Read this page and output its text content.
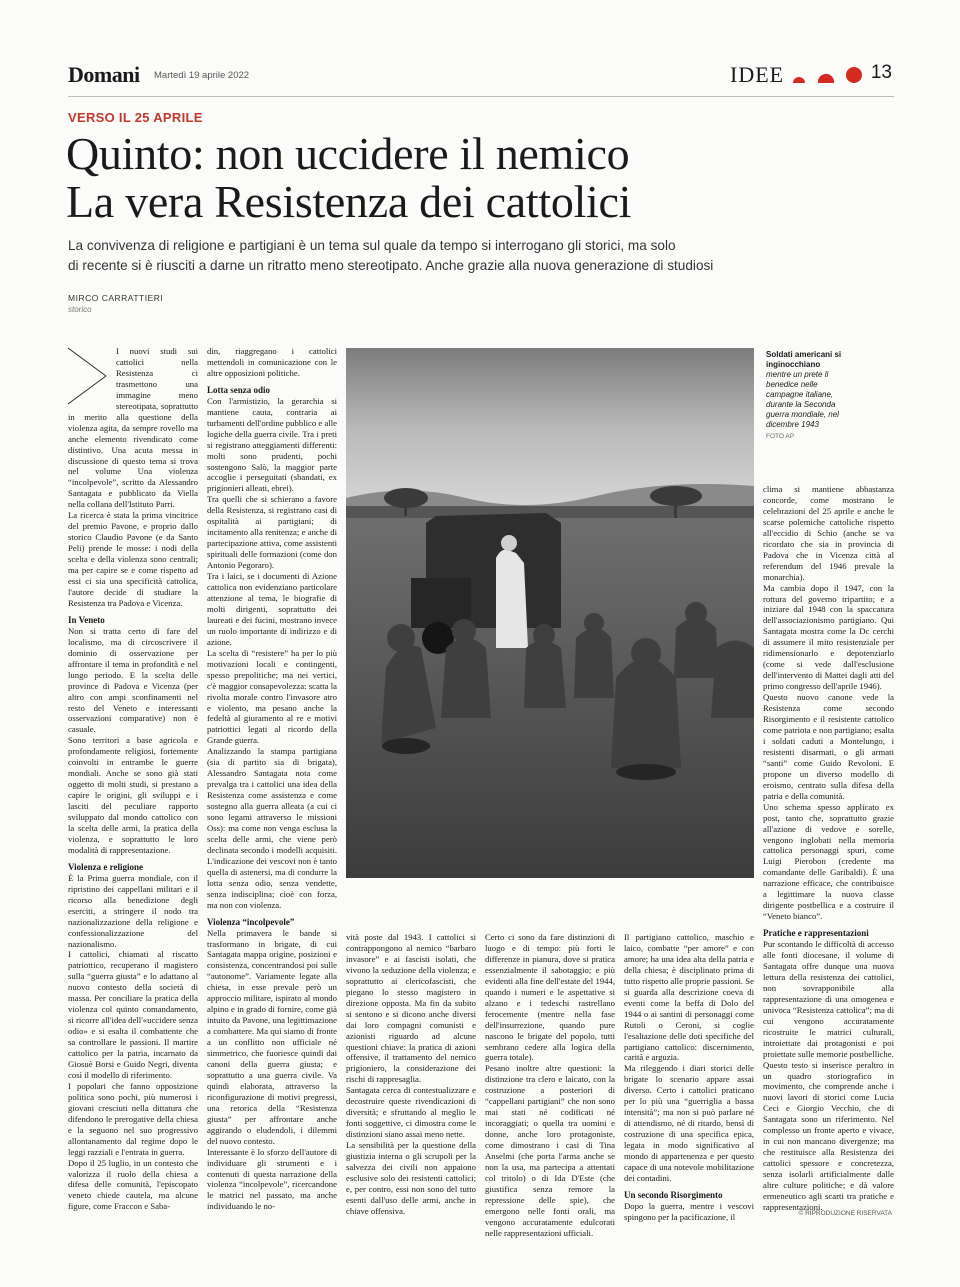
Domani Martedì 19 aprile 2022	IDEE	13
VERSO IL 25 APRILE
Quinto: non uccidere il nemico
La vera Resistenza dei cattolici
La convivenza di religione e partigiani è un tema sul quale da tempo si interrogano gli storici, ma solo
di recente si è riusciti a darne un ritratto meno stereotipato. Anche grazie alla nuova generazione di studiosi
MIRCO CARRATTIERI
storico

I nuovi studi sui cattolici nella Resistenza ci trasmettono una immagine meno stereotipata, soprattutto in merito alla questione della violenza agita, da sempre rovello ma anche elemento rivendicato come distintivo. Una acuta messa in discussione di questo tema si trova nel volume Una violenza “incolpevole”, scritto da Alessandro Santagata e pubblicato da Viella nella collana dell'Istituto Parri.

La ricerca è stata la prima vincitrice del premio Pavone, e proprio dallo storico Claudio Pavone (e da Santo Peli) prende le mosse: i nodi della scelta e della violenza sono centrali; ma per capire se e come rispetto ad essi ci sia una specificità cattolica, l'autore decide di studiare la Resistenza tra Padova e Vicenza.

In Veneto

Non si tratta certo di fare del localismo, ma di circoscrivere il dominio di osservazione per affrontare il tema in profondità e nel lungo periodo. E la scelta delle province di Padova e Vicenza (per altro con ampi sconfinamenti nel resto del Veneto e interessanti osservazioni comparative) non è casuale.

Sono territori a base agricola e profondamente religiosi, fortemente coinvolti in entrambe le guerre mondiali. Anche se sono già stati oggetto di molti studi, si prestano a capire le origini, gli sviluppi e i lasciti del peculiare rapporto sviluppato dal mondo cattolico con la scelta delle armi, la pratica della violenza, e soprattutto le loro modalità di rappresentazione.

Violenza e religione

È la Prima guerra mondiale, con il ripristino dei cappellani militari e il ricorso alla benedizione degli eserciti, a stringere il nodo tra nazionalizzazione della religione e confessionalizzazione del nazionalismo.

I cattolici, chiamati al riscatto patriottico, recuperano il magistero sulla “guerra giusta” e lo adattano al nuovo contesto della società di massa. Per conciliare la pratica della violenza col quinto comandamento, si ricorre all'idea dell'«uccidere senza odio» e si esalta il combattente che sa controllare le passioni. Il martire cattolico per la patria, incarnato da Giosuè Borsi e Guido Negri, diventa così il modello di riferimento.

I popolari che fanno opposizione politica sono pochi, più numerosi i giovani cresciuti nella dittatura che difendono le prerogative della chiesa e la seguono nel suo progressivo allontanamento dal regime dopo le leggi razziali e l'entrata in guerra.

Dopo il 25 luglio, in un contesto che valorizza il ruolo della chiesa a difesa delle comunità, l'episcopato veneto chiede cautela, ma alcune figure, come Fraccon e Saba-

din, riaggregano i cattolici mettendoli in comunicazione con le altre opposizioni politiche.

Lotta senza odio

Con l'armistizio, la gerarchia si mantiene cauta, contraria ai turbamenti dell'ordine pubblico e alle logiche della guerra civile. Tra i preti si registrano atteggiamenti differenti: molti sono prudenti, pochi sostengono Salò, la maggior parte accoglie i perseguitati (sbandati, ex prigionieri alleati, ebrei).

Tra quelli che si schierano a favore della Resistenza, si registrano casi di ospitalità ai partigiani; di incitamento alla renitenza; e anche di partecipazione attiva, come assistenti spirituali delle formazioni (come don Antonio Pegoraro).

Tra i laici, se i documenti di Azione cattolica non evidenziano particolare attenzione al tema, le biografie di molti dirigenti, soprattutto dei laureati e dei fucini, mostrano invece un ruolo importante di indirizzo e di azione.

La scelta di “resistere” ha per lo più motivazioni locali e contingenti, spesso prepolitiche; ma nei vertici, c'è maggior consapevolezza: scatta la rivolta morale contro l'invasore atro e violento, ma pesano anche la fedeltà al giuramento al re e motivi patriottici legati al ricordo della Grande guerra.

Analizzando la stampa partigiana (sia di partito sia di brigata), Alessandro Santagata nota come prevalga tra i cattolici una idea della Resistenza come assistenza e come sostegno alla guerra alleata (a cui ci sono legami attraverso le missioni Oss): ma come non venga esclusa la scelta delle armi, che viene però declinata secondo i modelli acquisiti. L'indicazione dei vescovi non è tanto quella di astenersi, ma di condurre la lotta senza odio, senza vendette, senza indisciplina; cioè con forza, ma non con violenza.

Violenza “incolpevole”

Nella primavera le bande si trasformano in brigate, di cui Santagata mappa origine, posizioni e consistenza, concentrandosi poi sulle “autonome”. Variamente legate alla chiesa, in esse prevale però un approccio militare, ispirato al mondo alpino e in grado di fornire, come già intuito da Pavone, una legittimazione a combattere. Ma qui siamo di fronte a un conflitto non ufficiale né simmetrico, che fuoriesce quindi dai canoni della guerra giusta; e soprattutto a una guerra civile. Va quindi elaborata, attraverso la riconfigurazione di motivi pregressi, una retorica della “Resistenza giusta” per affrontare anche aggirando o eludendoli, i dilemmi del nuovo contesto.

Interessante è lo sforzo dell'autore di individuare gli strumenti e i contenuti di questa narrazione della violenza “incolpevole”, ricercandone le matrici nel passato, ma anche individuando le no-

Soldati americani si inginocchiano
mentre un prete li benedice nelle campagne italiane, durante la Seconda guerra mondiale, nel dicembre 1943
FOTO AP

vità poste dal 1943. I cattolici si contrappongono al nemico “barbaro invasore” e ai fascisti isolati, che vivono la seduzione della violenza; e soprattutto ai clericofascisti, che piegano lo stesso magistero in direzione opposta. Ma fin da subito si sentono e si dicono anche diversi dai loro compagni comunisti e azionisti riguardo ad alcune questioni chiave: la pratica di azioni offensive, il trattamento del nemico prigioniero, la considerazione dei rischi di rappresaglia.

Santagata cerca di contestualizzare e decostruire queste rivendicazioni di diversità; e sfruttando al meglio le fonti soggettive, ci dimostra come le distinzioni siano assai meno nette.

La sensibilità per la questione della giustizia interna o gli scrupoli per la salvezza dei civili non appaiono esclusive solo dei resistenti cattolici; e, per contro, essi non sono del tutto esenti dall'uso delle armi, anche in chiave offensiva.

Certo ci sono da fare distinzioni di luogo e di tempo: più forti le differenze in pianura, dove si pratica essenzialmente il sabotaggio; e più evidenti alla fine dell'estate del 1944, quando i numeri e le aspettative si alzano e i tedeschi rastrellano ferocemente (mentre nella fase dell'insurrezione, quando pure nascono le brigate del popolo, tutti sembrano cedere alla logica della guerra totale).

Pesano inoltre altre questioni: la distinzione tra clero e laicato, con la costruzione a posteriori di “cappellani partigiani” che non sono mai stati né codificati né incoraggiati; o quella tra uomini e donne, anche loro protagoniste, come dimostrano i casi di Tina Anselmi (che porta l'arma anche se non la usa, ma partecipa a attentati col tritolo) o di Ida D'Este (che giustifica senza remore la repressione delle spie), che emergono nelle fonti orali, ma vengono accuratamente edulcorati nelle rappresentazioni ufficiali.

Il partigiano cattolico, maschio e laico, combatte “per amore” e con amore; ha una idea alta della patria e della chiesa; è disciplinato prima di tutto rispetto alle proprie passioni. Se si guarda alla descrizione coeva di eventi come la beffa di Dolo del 1944 o ai santini di personaggi come Rutoli o Ceroni, si coglie l'esaltazione delle doti specifiche del partigiano cattolico: discernimento, carità e arguzia.

Ma rileggendo i diari storici delle brigate lo scenario appare assai diverso. Certo i cattolici praticano per lo più una “guerriglia a bassa intensità”; ma non si può parlare né di attendismo, né di ritardo, bensì di costruzione di una specifica epica, legata in modo significativo al mondo di appartenenza e per questo capace di una notevole mobilitazione dei contadini.

Un secondo Risorgimento

Dopo la guerra, mentre i vescovi spingono per la pacificazione, il

clima si mantiene abbastanza concorde, come mostrano le celebrazioni del 25 aprile e anche le scarse polemiche cattoliche rispetto all'eccidio di Schio (anche se va ricordato che sia in provincia di Padova che in Vicenza città al referendum del 1946 prevale la monarchia).

Ma cambia dopo il 1947, con la rottura del governo tripartito; e a iniziare dal 1948 con la spaccatura dell'associazionismo partigiano. Qui Santagata mostra come la Dc cerchi di assumere il mito resistenziale per ridimensionarlo e depotenziarlo (come si vede dall'esclusione dell'intervento di Mattei dagli atti del primo congresso dell'aprile 1946).

Questo nuovo canone vede la Resistenza come secondo Risorgimento e il resistente cattolico come patriota e non partigiano; esalta i soldati caduti a Montelungo, i resistenti disarmati, o gli armati “santi” come Guido Revoloni. E propone un diverso modello di eroismo, centrato sulla difesa della patria e della comunità.

Uno schema spesso applicato ex post, tanto che, soprattutto grazie all'azione di vedove e sorelle, vengono inglobati nella memoria cattolica personaggi spuri, come Luigi Pierobon (credente ma comandante delle Garibaldi). È una narrazione efficace, che contribuisce a legittimare la nuova classe dirigente postbellica e a costruire il “Veneto bianco”.

Pratiche e rappresentazioni

Pur scontando le difficoltà di accesso alle fonti diocesane, il volume di Santagata offre dunque una nuova lettura della resistenza dei cattolici, non sovrapponibile alla rappresentazione di una omogenea e univoca “Resistenza cattolica”; ma di cui vengono accuratamente ricostruite le matrici culturali, introiettate dai protagonisti e poi proiettate sulle memorie postbelliche.

Questo testo si inserisce peraltro in un quadro storiografico in movimento, che comprende anche i nuovi lavori di storici come Lucia Ceci e Giorgio Vecchio, che di Santagata sono un riferimento. Nel complesso un fronte aperto e vivace, in cui non mancano divergenze; ma che restituisce alla Resistenza dei cattolici spessore e concretezza, senza isolarli artificialmente dalle altre culture politiche; e dà valore ermeneutico agli scarti tra pratiche e rappresentazioni.

© RIPRODUZIONE RISERVATA
